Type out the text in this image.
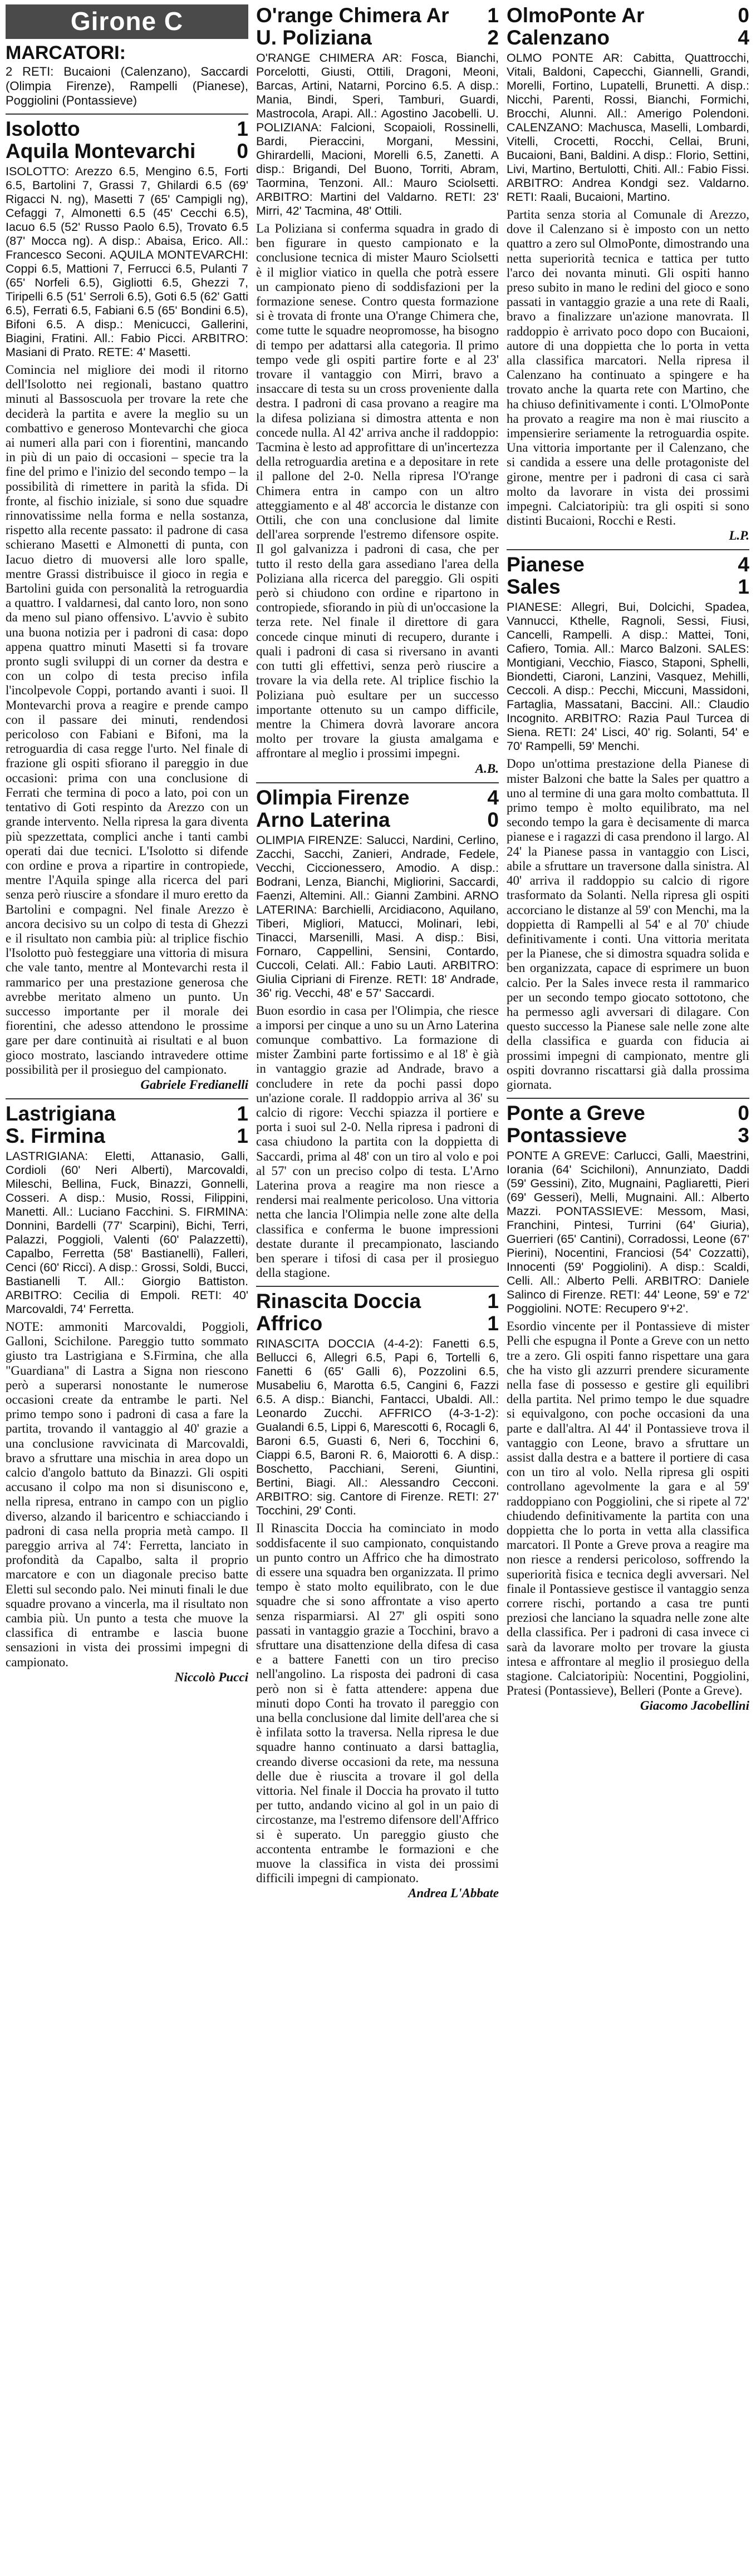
Girone C
MARCATORI:
2 RETI: Bucaioni (Calenzano), Saccardi (Olimpia Firenze), Rampelli (Pianese), Poggiolini (Pontassieve)
Isolotto	1
Aquila Montevarchi 0
ISOLOTTO: Arezzo 6.5, Mengino 6.5, Forti 6.5, Bartolini 7, Grassi 7, Ghilardi 6.5 (69' Rigacci N. ng), Masetti 7 (65' Campigli ng), Cefaggi 7, Almonetti 6.5 (45' Cecchi 6.5), Iacuo 6.5 (52' Russo Paolo 6.5), Trovato 6.5 (87' Mocca ng). A disp.: Abaisa, Erico. All.: Francesco Seconi. AQUILA MONTEVARCHI: Coppi 6.5, Mattioni 7, Ferrucci 6.5, Pulanti 7 (65' Norfeli 6.5), Gigliotti 6.5, Ghezzi 7, Tiripelli 6.5 (51' Serroli 6.5), Goti 6.5 (62' Gatti 6.5), Ferrati 6.5, Fabiani 6.5 (65' Bondini 6.5), Bifoni 6.5. A disp.: Menicucci, Gallerini, Biagini, Fratini. All.: Fabio Picci. ARBITRO: Masiani di Prato. RETE: 4' Masetti.
Comincia nel migliore dei modi il ritorno dell'Isolotto nei regionali, bastano quattro minuti al Bassoscuola per trovare la rete che deciderà la partita e avere la meglio su un combattivo e generoso Montevarchi che gioca ai numeri alla pari con i fiorentini, mancando in più di un paio di occasioni – specie tra la fine del primo e l'inizio del secondo tempo – la possibilità di rimettere in parità la sfida. Di fronte, al fischio iniziale, si sono due squadre rinnovatissime nella forma e nella sostanza, rispetto alla recente passato: il padrone di casa schierano Masetti e Almonetti di punta, con Iacuo dietro di muoversi alle loro spalle, mentre Grassi distribuisce il gioco in regia e Bartolini guida con personalità la retroguardia a quattro. I valdarnesi, dal canto loro, non sono da meno sul piano offensivo. L'avvio è subito una buona notizia per i padroni di casa: dopo appena quattro minuti Masetti si fa trovare pronto sugli sviluppi di un corner da destra e con un colpo di testa preciso infila l'incolpevole Coppi, portando avanti i suoi. Il Montevarchi prova a reagire e prende campo con il passare dei minuti, rendendosi pericoloso con Fabiani e Bifoni, ma la retroguardia di casa regge l'urto. Nel finale di frazione gli ospiti sfiorano il pareggio in due occasioni: prima con una conclusione di Ferrati che termina di poco a lato, poi con un tentativo di Goti respinto da Arezzo con un grande intervento. Nella ripresa la gara diventa più spezzettata, complici anche i tanti cambi operati dai due tecnici. L'Isolotto si difende con ordine e prova a ripartire in contropiede, mentre l'Aquila spinge alla ricerca del pari senza però riuscire a sfondare il muro eretto da Bartolini e compagni. Nel finale Arezzo è ancora decisivo su un colpo di testa di Ghezzi e il risultato non cambia più: al triplice fischio l'Isolotto può festeggiare una vittoria di misura che vale tanto, mentre al Montevarchi resta il rammarico per una prestazione generosa che avrebbe meritato almeno un punto. Un successo importante per il morale dei fiorentini, che adesso attendono le prossime gare per dare continuità ai risultati e al buon gioco mostrato, lasciando intravedere ottime possibilità per il prosieguo del campionato.
Gabriele Fredianelli
Lastrigiana	1
S. Firmina	1
LASTRIGIANA: Eletti, Attanasio, Galli, Cordioli (60' Neri Alberti), Marcovaldi, Mileschi, Bellina, Fuck, Binazzi, Gonnelli, Cosseri. A disp.: Musio, Rossi, Filippini, Manetti. All.: Luciano Facchini. S. FIRMINA: Donnini, Bardelli (77' Scarpini), Bichi, Terri, Palazzi, Poggioli, Valenti (60' Palazzetti), Capalbo, Ferretta (58' Bastianelli), Falleri, Cenci (60' Ricci). A disp.: Grossi, Soldi, Bucci, Bastianelli T. All.: Giorgio Battiston. ARBITRO: Cecilia di Empoli. RETI: 40' Marcovaldi, 74' Ferretta.
NOTE: ammoniti Marcovaldi, Poggioli, Galloni, Scichilone. Pareggio tutto sommato giusto tra Lastrigiana e S.Firmina, che alla "Guardiana" di Lastra a Signa non riescono però a superarsi nonostante le numerose occasioni create da entrambe le parti. Nel primo tempo sono i padroni di casa a fare la partita, trovando il vantaggio al 40' grazie a una conclusione ravvicinata di Marcovaldi, bravo a sfruttare una mischia in area dopo un calcio d'angolo battuto da Binazzi. Gli ospiti accusano il colpo ma non si disuniscono e, nella ripresa, entrano in campo con un piglio diverso, alzando il baricentro e schiacciando i padroni di casa nella propria metà campo. Il pareggio arriva al 74': Ferretta, lanciato in profondità da Capalbo, salta il proprio marcatore e con un diagonale preciso batte Eletti sul secondo palo. Nei minuti finali le due squadre provano a vincerla, ma il risultato non cambia più. Un punto a testa che muove la classifica di entrambe e lascia buone sensazioni in vista dei prossimi impegni di campionato.
Niccolò Pucci
O'range Chimera Ar 1
U. Poliziana	2
O'RANGE CHIMERA AR: Fosca, Bianchi, Porcelotti, Giusti, Ottili, Dragoni, Meoni, Barcas, Artini, Natarni, Porcino 6.5. A disp.: Mania, Bindi, Speri, Tamburi, Guardi, Mastrocola, Arapi. All.: Agostino Jacobelli. U. POLIZIANA: Falcioni, Scopaioli, Rossinelli, Bardi, Pieraccini, Morgani, Messini, Ghirardelli, Macioni, Morelli 6.5, Zanetti. A disp.: Brigandi, Del Buono, Torriti, Abram, Taormina, Tenzoni. All.: Mauro Sciolsetti. ARBITRO: Martini del Valdarno. RETI: 23' Mirri, 42' Tacmina, 48' Ottili.
La Poliziana si conferma squadra in grado di ben figurare in questo campionato e la conclusione tecnica di mister Mauro Sciolsetti è il miglior viatico in quella che potrà essere un campionato pieno di soddisfazioni per la formazione senese. Contro questa formazione si è trovata di fronte una O'range Chimera che, come tutte le squadre neopromosse, ha bisogno di tempo per adattarsi alla categoria. Il primo tempo vede gli ospiti partire forte e al 23' trovare il vantaggio con Mirri, bravo a insaccare di testa su un cross proveniente dalla destra. I padroni di casa provano a reagire ma la difesa poliziana si dimostra attenta e non concede nulla. Al 42' arriva anche il raddoppio: Tacmina è lesto ad approfittare di un'incertezza della retroguardia aretina e a depositare in rete il pallone del 2-0. Nella ripresa l'O'range Chimera entra in campo con un altro atteggiamento e al 48' accorcia le distanze con Ottili, che con una conclusione dal limite dell'area sorprende l'estremo difensore ospite. Il gol galvanizza i padroni di casa, che per tutto il resto della gara assediano l'area della Poliziana alla ricerca del pareggio. Gli ospiti però si chiudono con ordine e ripartono in contropiede, sfiorando in più di un'occasione la terza rete. Nel finale il direttore di gara concede cinque minuti di recupero, durante i quali i padroni di casa si riversano in avanti con tutti gli effettivi, senza però riuscire a trovare la via della rete. Al triplice fischio la Poliziana può esultare per un successo importante ottenuto su un campo difficile, mentre la Chimera dovrà lavorare ancora molto per trovare la giusta amalgama e affrontare al meglio i prossimi impegni.
A.B.
Olimpia Firenze	4
Arno Laterina	0
OLIMPIA FIRENZE: Salucci, Nardini, Cerlino, Zacchi, Sacchi, Zanieri, Andrade, Fedele, Vecchi, Ciccionessero, Amodio. A disp.: Bodrani, Lenza, Bianchi, Migliorini, Saccardi, Faenzi, Altemini. All.: Gianni Zambini. ARNO LATERINA: Barchielli, Arcidiacono, Aquilano, Tiberi, Migliori, Matucci, Molinari, Iebi, Tinacci, Marsenilli, Masi. A disp.: Bisi, Fornaro, Cappellini, Sensini, Contardo, Cuccoli, Celati. All.: Fabio Lauti. ARBITRO: Giulia Cipriani di Firenze. RETI: 18' Andrade, 36' rig. Vecchi, 48' e 57' Saccardi.
Buon esordio in casa per l'Olimpia, che riesce a imporsi per cinque a uno su un Arno Laterina comunque combattivo. La formazione di mister Zambini parte fortissimo e al 18' è già in vantaggio grazie ad Andrade, bravo a concludere in rete da pochi passi dopo un'azione corale. Il raddoppio arriva al 36' su calcio di rigore: Vecchi spiazza il portiere e porta i suoi sul 2-0. Nella ripresa i padroni di casa chiudono la partita con la doppietta di Saccardi, prima al 48' con un tiro al volo e poi al 57' con un preciso colpo di testa. L'Arno Laterina prova a reagire ma non riesce a rendersi mai realmente pericoloso. Una vittoria netta che lancia l'Olimpia nelle zone alte della classifica e conferma le buone impressioni destate durante il precampionato, lasciando ben sperare i tifosi di casa per il prosieguo della stagione.
Rinascita Doccia	1
Affrico	1
RINASCITA DOCCIA (4-4-2): Fanetti 6.5, Bellucci 6, Allegri 6.5, Papi 6, Tortelli 6, Fanetti 6 (65' Galli 6), Pozzolini 6.5, Musabeliu 6, Marotta 6.5, Cangini 6, Fazzi 6.5. A disp.: Bianchi, Fantacci, Ubaldi. All.: Leonardo Zucchi. AFFRICO (4-3-1-2): Gualandi 6.5, Lippi 6, Marescotti 6, Rocagli 6, Baroni 6.5, Guasti 6, Neri 6, Tocchini 6, Ciappi 6.5, Baroni R. 6, Maiorotti 6. A disp.: Boschetto, Pacchiani, Sereni, Giuntini, Bertini, Biagi. All.: Alessandro Cecconi. ARBITRO: sig. Cantore di Firenze. RETI: 27' Tocchini, 29' Conti.
Il Rinascita Doccia ha cominciato in modo soddisfacente il suo campionato, conquistando un punto contro un Affrico che ha dimostrato di essere una squadra ben organizzata. Il primo tempo è stato molto equilibrato, con le due squadre che si sono affrontate a viso aperto senza risparmiarsi. Al 27' gli ospiti sono passati in vantaggio grazie a Tocchini, bravo a sfruttare una disattenzione della difesa di casa e a battere Fanetti con un tiro preciso nell'angolino. La risposta dei padroni di casa però non si è fatta attendere: appena due minuti dopo Conti ha trovato il pareggio con una bella conclusione dal limite dell'area che si è infilata sotto la traversa. Nella ripresa le due squadre hanno continuato a darsi battaglia, creando diverse occasioni da rete, ma nessuna delle due è riuscita a trovare il gol della vittoria. Nel finale il Doccia ha provato il tutto per tutto, andando vicino al gol in un paio di circostanze, ma l'estremo difensore dell'Affrico si è superato. Un pareggio giusto che accontenta entrambe le formazioni e che muove la classifica in vista dei prossimi difficili impegni di campionato.
Andrea L'Abbate
OlmoPonte Ar	0
Calenzano	4
OLMO PONTE AR: Cabitta, Quattrocchi, Vitali, Baldoni, Capecchi, Giannelli, Grandi, Morelli, Fortino, Lupatelli, Brunetti. A disp.: Nicchi, Parenti, Rossi, Bianchi, Formichi, Brocchi, Alunni. All.: Amerigo Polendoni. CALENZANO: Machusca, Maselli, Lombardi, Vitelli, Crocetti, Rocchi, Cellai, Bruni, Bucaioni, Bani, Baldini. A disp.: Florio, Settini, Livi, Martino, Bertulotti, Chiti. All.: Fabio Fissi. ARBITRO: Andrea Kondgi sez. Valdarno. RETI: Raali, Bucaioni, Martino.
Partita senza storia al Comunale di Arezzo, dove il Calenzano si è imposto con un netto quattro a zero sul OlmoPonte, dimostrando una netta superiorità tecnica e tattica per tutto l'arco dei novanta minuti. Gli ospiti hanno preso subito in mano le redini del gioco e sono passati in vantaggio grazie a una rete di Raali, bravo a finalizzare un'azione manovrata. Il raddoppio è arrivato poco dopo con Bucaioni, autore di una doppietta che lo porta in vetta alla classifica marcatori. Nella ripresa il Calenzano ha continuato a spingere e ha trovato anche la quarta rete con Martino, che ha chiuso definitivamente i conti. L'OlmoPonte ha provato a reagire ma non è mai riuscito a impensierire seriamente la retroguardia ospite. Una vittoria importante per il Calenzano, che si candida a essere una delle protagoniste del girone, mentre per i padroni di casa ci sarà molto da lavorare in vista dei prossimi impegni. Calciatoripiù: tra gli ospiti si sono distinti Bucaioni, Rocchi e Resti.
L.P.
Pianese	4
Sales	1
PIANESE: Allegri, Bui, Dolcichi, Spadea, Vannucci, Kthelle, Ragnoli, Sessi, Fiusi, Cancelli, Rampelli. A disp.: Mattei, Toni, Cafiero, Tomia. All.: Marco Balzoni. SALES: Montigiani, Vecchio, Fiasco, Staponi, Sphelli, Biondetti, Ciaroni, Lanzini, Vasquez, Mehilli, Ceccoli. A disp.: Pecchi, Miccuni, Massidoni, Fartaglia, Massatani, Baccini. All.: Claudio Incognito. ARBITRO: Razia Paul Turcea di Siena. RETI: 24' Lisci, 40' rig. Solanti, 54' e 70' Rampelli, 59' Menchi.
Dopo un'ottima prestazione della Pianese di mister Balzoni che batte la Sales per quattro a uno al termine di una gara molto combattuta. Il primo tempo è molto equilibrato, ma nel secondo tempo la gara è decisamente di marca pianese e i ragazzi di casa prendono il largo. Al 24' la Pianese passa in vantaggio con Lisci, abile a sfruttare un traversone dalla sinistra. Al 40' arriva il raddoppio su calcio di rigore trasformato da Solanti. Nella ripresa gli ospiti accorciano le distanze al 59' con Menchi, ma la doppietta di Rampelli al 54' e al 70' chiude definitivamente i conti. Una vittoria meritata per la Pianese, che si dimostra squadra solida e ben organizzata, capace di esprimere un buon calcio. Per la Sales invece resta il rammarico per un secondo tempo giocato sottotono, che ha permesso agli avversari di dilagare. Con questo successo la Pianese sale nelle zone alte della classifica e guarda con fiducia ai prossimi impegni di campionato, mentre gli ospiti dovranno riscattarsi già dalla prossima giornata.
Ponte a Greve	0
Pontassieve	3
PONTE A GREVE: Carlucci, Galli, Maestrini, Iorania (64' Scichiloni), Annunziato, Daddi (59' Gessini), Zito, Mugnaini, Pagliaretti, Pieri (69' Gesseri), Melli, Mugnaini. All.: Alberto Mazzi. PONTASSIEVE: Messom, Masi, Franchini, Pintesi, Turrini (64' Giuria), Guerrieri (65' Cantini), Corradossi, Leone (67' Pierini), Nocentini, Franciosi (54' Cozzatti), Innocenti (59' Poggiolini). A disp.: Scaldi, Celli. All.: Alberto Pelli. ARBITRO: Daniele Salinco di Firenze. RETI: 44' Leone, 59' e 72' Poggiolini. NOTE: Recupero 9'+2'.
Esordio vincente per il Pontassieve di mister Pelli che espugna il Ponte a Greve con un netto tre a zero. Gli ospiti fanno rispettare una gara che ha visto gli azzurri prendere sicuramente nella fase di possesso e gestire gli equilibri della partita. Nel primo tempo le due squadre si equivalgono, con poche occasioni da una parte e dall'altra. Al 44' il Pontassieve trova il vantaggio con Leone, bravo a sfruttare un assist dalla destra e a battere il portiere di casa con un tiro al volo. Nella ripresa gli ospiti controllano agevolmente la gara e al 59' raddoppiano con Poggiolini, che si ripete al 72' chiudendo definitivamente la partita con una doppietta che lo porta in vetta alla classifica marcatori. Il Ponte a Greve prova a reagire ma non riesce a rendersi pericoloso, soffrendo la superiorità fisica e tecnica degli avversari. Nel finale il Pontassieve gestisce il vantaggio senza correre rischi, portando a casa tre punti preziosi che lanciano la squadra nelle zone alte della classifica. Per i padroni di casa invece ci sarà da lavorare molto per trovare la giusta intesa e affrontare al meglio il prosieguo della stagione. Calciatoripiù: Nocentini, Poggiolini, Pratesi (Pontassieve), Belleri (Ponte a Greve).
Giacomo Jacobellini
